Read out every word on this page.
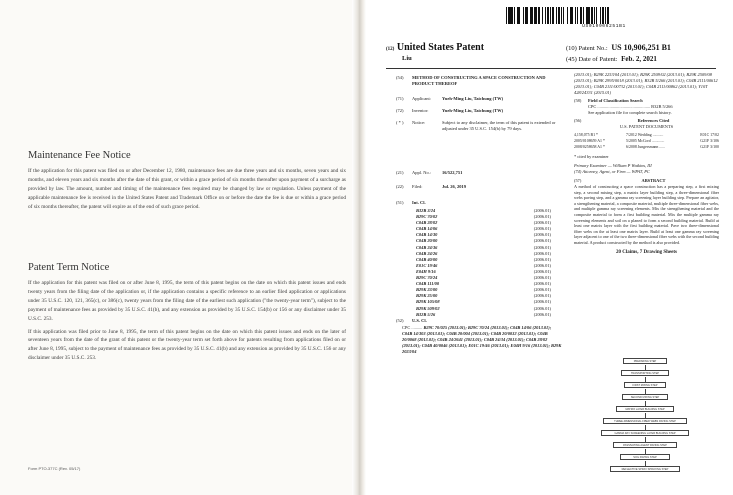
Maintenance Fee Notice

If the application for this patent was filed on or after December 12, 1980, maintenance fees are due three years and six months, seven years and six months, and eleven years and six months after the date of this grant, or within a grace period of six months thereafter upon payment of a surcharge as provided by law. The amount, number and timing of the maintenance fees required may be changed by law or regulation. Unless payment of the applicable maintenance fee is received in the United States Patent and Trademark Office on or before the date the fee is due or within a grace period of six months thereafter, the patent will expire as of the end of such grace period.

Patent Term Notice

If the application for this patent was filed on or after June 8, 1995, the term of this patent begins on the date on which this patent issues and ends twenty years from the filing date of the application or, if the application contains a specific reference to an earlier filed application or applications under 35 U.S.C. 120, 121, 365(c), or 386(c), twenty years from the filing date of the earliest such application ("the twenty-year term"), subject to the payment of maintenance fees as provided by 35 U.S.C. 41(b), and any extension as provided by 35 U.S.C. 154(b) or 156 or any disclaimer under 35 U.S.C. 253.

If this application was filed prior to June 8, 1995, the term of this patent begins on the date on which this patent issues and ends on the later of seventeen years from the date of the grant of this patent or the twenty-year term set forth above for patents resulting from applications filed on or after June 8, 1995, subject to the payment of maintenance fees as provided by 35 U.S.C. 41(b) and any extension as provided by 35 U.S.C. 156 or any disclaimer under 35 U.S.C. 253.

Form PTO-377C (Rev. 05/17)
US010906251B1
(12) United States Patent
Liu
(10) Patent No.: US 10,906,251 B1
(45) Date of Patent: Feb. 2, 2021
(54)	METHOD OF CONSTRUCTING A SPACE CONSTRUCTION AND PRODUCT THEREOF
(71)	Applicant:	Yueh-Ming Liu, Taichung (TW)
(72)	Inventor:	Yueh-Ming Liu, Taichung (TW)
( * )	Notice:	Subject to any disclaimer, the term of this patent is extended or adjusted under 35 U.S.C. 154(b) by 79 days.
(21)	Appl. No.:	16/522,751
(22)	Filed:	Jul. 26, 2019
(51)	Int. Cl.
B32B 3/24	(2006.01)
B29C 70/02	(2006.01)
C04B 28/02	(2006.01)
C04B 14/06	(2006.01)
C04B 14/30	(2006.01)
C04B 20/00	(2006.01)
C04B 24/36	(2006.01)
C04B 24/26	(2006.01)
C04B 40/00	(2006.01)
E01C 19/46	(2006.01)
E04H 9/16	(2006.01)
B29C 70/24	(2006.01)
C04B 111/00	(2006.01)
B29K 23/00	(2006.01)
B29K 25/00	(2006.01)
B29K 105/08	(2006.01)
B29K 509/02	(2006.01)
B32B 5/26	(2006.01)
(52)	U.S. Cl.
CPC .......... B29C 70/025 (2013.01); B29C 70/24 (2013.01); C04B 14/06 (2013.01); C04B 14/303 (2013.01); C04B 20/004 (2013.01); C04B 20/0032 (2013.01); C04B 20/0068 (2013.01); C04B 24/2641 (2013.01); C04B 24/34 (2013.01); C04B 28/02 (2013.01); C04B 40/0046 (2013.01); E01C 19/46 (2013.01); E04H 9/16 (2013.01); B29K 2023/04
(2013.01); B29K 2253/04 (2013.01); B29K 2509/02 (2013.01); B29K 2509/08 (2013.01); B29K 2995/0018 (2013.01); B32B 5/266 (2013.01); C04B 2111/00612 (2013.01); C04B 2111/00732 (2013.01); C04B 2111/00862 (2013.01); Y10T 428/24331 (2015.01)
(58)	Field of Classification Search
CPC ................................................ B32B 5/266
See application file for complete search history.
(56)	References Cited
U.S. PATENT DOCUMENTS
4,158,075 B1 *	7/2012 Wedding ...........	E01C 17/02
2005/0108659 A1 *	5/2005 McCord .............	G21F 3/106
2008/0258658 A1 *	6/2008 Jungersmann ......	G21F 3/100
* cited by examiner
Primary Examiner — William P Watkins, III
(74) Attorney, Agent, or Firm — WPAT, PC
(57)	ABSTRACT

A method of constructing a space construction has a preparing step, a first mixing step, a second mixing step, a matrix layer building step, a three-dimensional fiber webs paving step, and a gamma ray screening layer building step. Prepare an agitator, a strengthening material, a composite material, multiple three-dimensional fiber webs, and multiple gamma ray screening elements. Mix the strengthening material and the composite material to form a first building material. Mix the multiple gamma ray screening elements and soil on a planed to form a second building material. Build at least one matrix layer with the first building material. Pave two three-dimensional fiber webs on the at least one matrix layer. Build at least one gamma ray screening layer adjacent to one of the two three-dimensional fiber webs with the second building material. A product constructed by the method is also provided.

20 Claims, 7 Drawing Sheets
PREPARING STEP
TRANSPORTING STEP
FIRST MIXING STEP
SECOND MIXING STEP
MATRIX LAYER BUILDING STEP
THREE-DIMENSIONAL FIBER WEBS PAVING STEP
GAMMA RAY SCREENING LAYER BUILDING STEP
PASSIVATING AGENT PAVING STEP
SOIL PAVING STEP
REFLECTIVE SPRAY SPRAYING STEP
